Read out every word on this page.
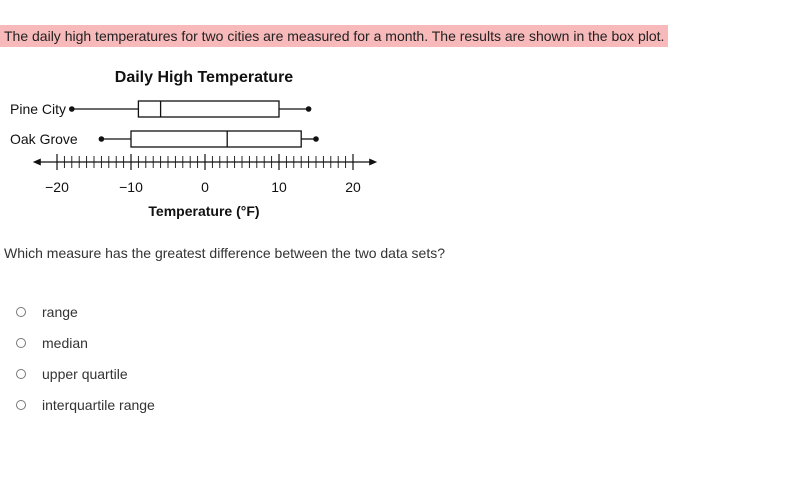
The daily high temperatures for two cities are measured for a month. The results are shown in the box plot.
Daily High Temperature
Pine City
Oak Grove
−20	−10	0	10	20
Temperature (°F)
Which measure has the greatest difference between the two data sets?
range
median
upper quartile
interquartile range
